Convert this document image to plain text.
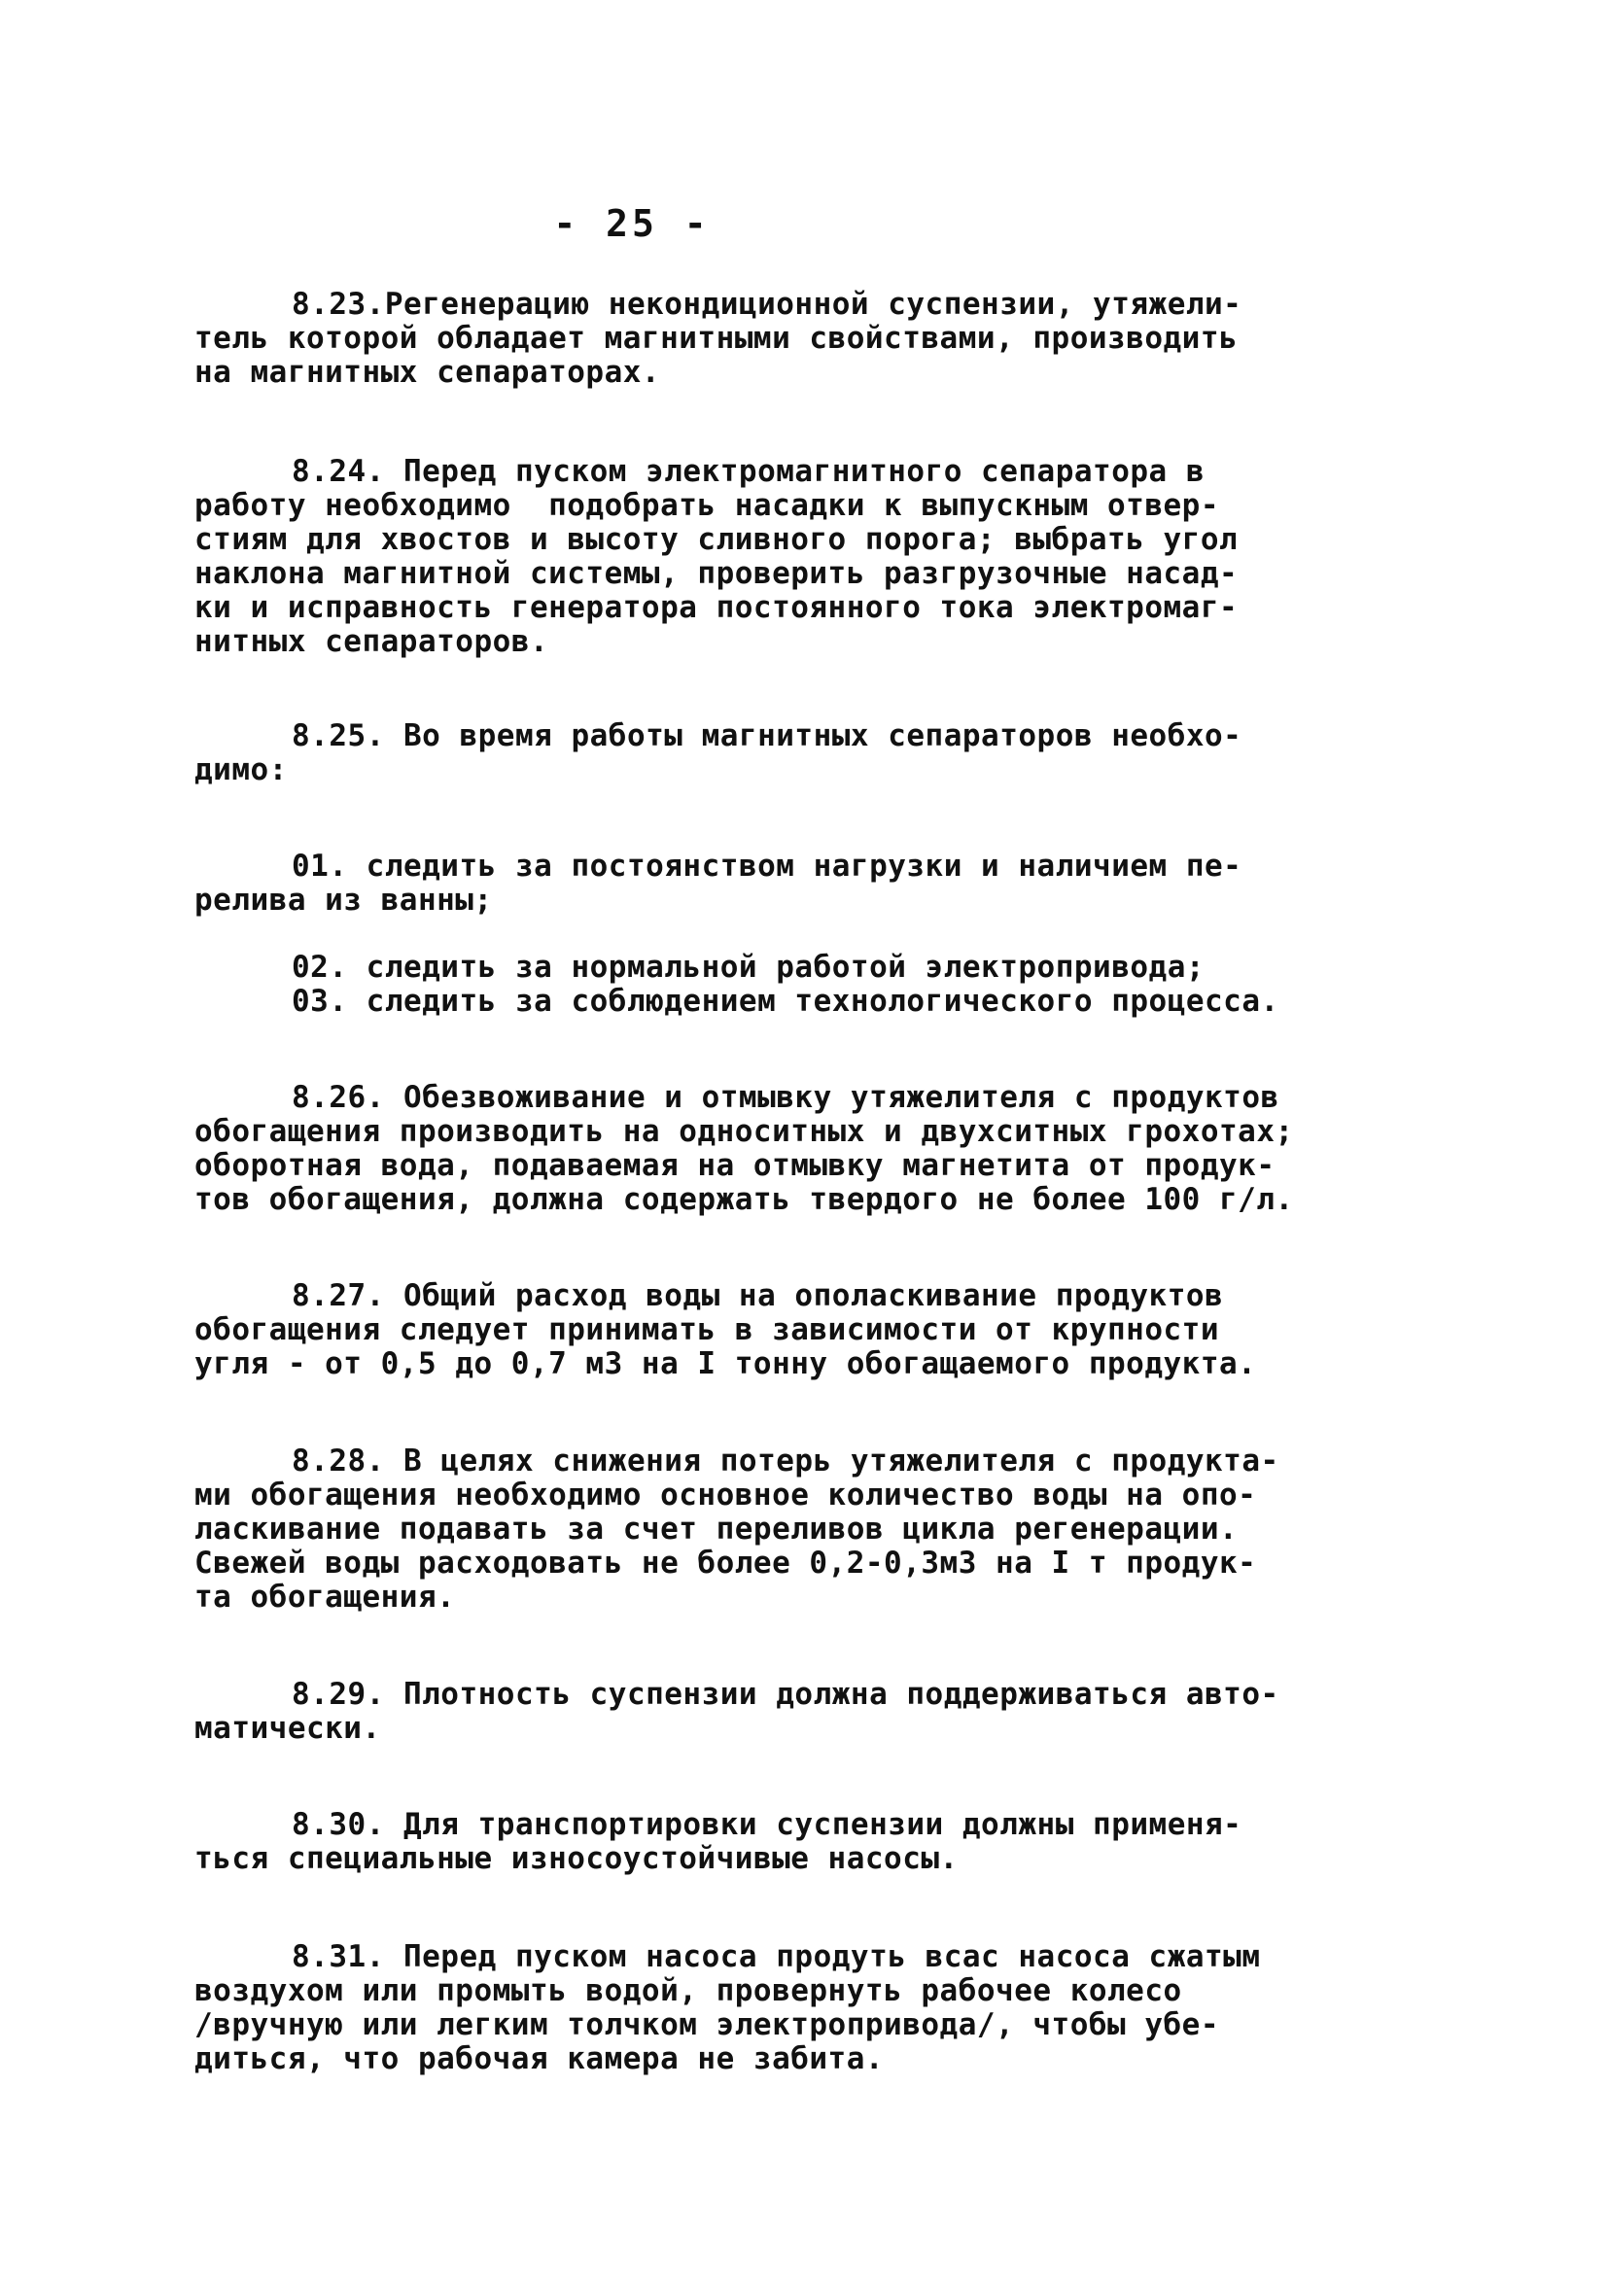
- 25 -

8.23.Регенерацию некондиционной суспензии, утяжели-
тель которой обладает магнитными свойствами, производить
на магнитных сепараторах.

8.24. Перед пуском электромагнитного сепаратора в
работу необходимо  подобрать насадки к выпускным отвер-
стиям для хвостов и высоту сливного порога; выбрать угол
наклона магнитной системы, проверить разгрузочные насад-
ки и исправность генератора постоянного тока электромаг-
нитных сепараторов.

8.25. Во время работы магнитных сепараторов необхо-
димо:

01. следить за постоянством нагрузки и наличием пе-
релива из ванны;

02. следить за нормальной работой электропривода;
03. следить за соблюдением технологического процесса.

8.26. Обезвоживание и отмывку утяжелителя с продуктов
обогащения производить на односитных и двухситных грохотах;
оборотная вода, подаваемая на отмывку магнетита от продук-
тов обогащения, должна содержать твердого не более 100 г/л.

8.27. Общий расход воды на ополаскивание продуктов
обогащения следует принимать в зависимости от крупности
угля - от 0,5 до 0,7 м3 на I тонну обогащаемого продукта.

8.28. В целях снижения потерь утяжелителя с продукта-
ми обогащения необходимо основное количество воды на опо-
ласкивание подавать за счет переливов цикла регенерации.
Свежей воды расходовать не более 0,2-0,3м3 на I т продук-
та обогащения.

8.29. Плотность суспензии должна поддерживаться авто-
матически.

8.30. Для транспортировки суспензии должны применя-
ться специальные износоустойчивые насосы.

8.31. Перед пуском насоса продуть всас насоса сжатым
воздухом или промыть водой, провернуть рабочее колесо
/вручную или легким толчком электропривода/, чтобы убе-
диться, что рабочая камера не забита.
